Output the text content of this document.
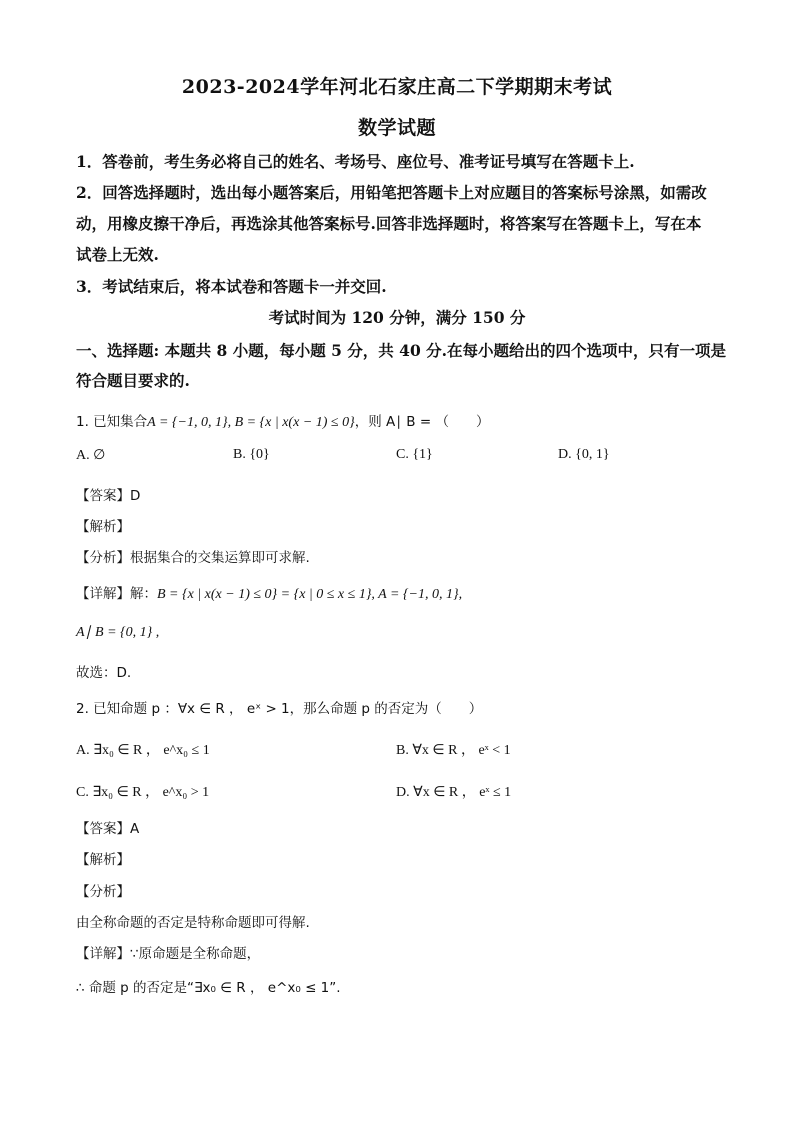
2023-2024学年河北石家庄高二下学期期末考试
数学试题
1．答卷前，考生务必将自己的姓名、考场号、座位号、准考证号填写在答题卡上.
2．回答选择题时，选出每小题答案后，用铅笔把答题卡上对应题目的答案标号涂黑，如需改
动，用橡皮擦干净后，再选涂其他答案标号.回答非选择题时，将答案写在答题卡上，写在本
试卷上无效.
3．考试结束后，将本试卷和答题卡一并交回.
考试时间为 120 分钟，满分 150 分
一、选择题: 本题共 8 小题，每小题 5 分，共 40 分.在每小题给出的四个选项中，只有一项是
符合题目要求的.
1. 已知集合A = {−1, 0, 1}, B = {x | x(x − 1) ≤ 0}，则 A∣ B = （　　）
A. ∅	B. {0}	C. {1}	D. {0, 1}
【答案】D
【解析】
【分析】根据集合的交集运算即可求解.
【详解】解：B = {x | x(x − 1) ≤ 0} = {x | 0 ≤ x ≤ 1}, A = {−1, 0, 1},
A∣ B = {0, 1} ,
故选：D.
2. 已知命题 p ：∀x ∈ R ， eˣ > 1，那么命题 p 的否定为（　　）
A. ∃x₀ ∈ R ， e^x₀ ≤ 1	B. ∀x ∈ R ， eˣ < 1
C. ∃x₀ ∈ R ， e^x₀ > 1	D. ∀x ∈ R ， eˣ ≤ 1
【答案】A
【解析】
【分析】
由全称命题的否定是特称命题即可得解.
【详解】∵原命题是全称命题，
∴ 命题 p 的否定是“∃x₀ ∈ R ， e^x₀ ≤ 1”.
